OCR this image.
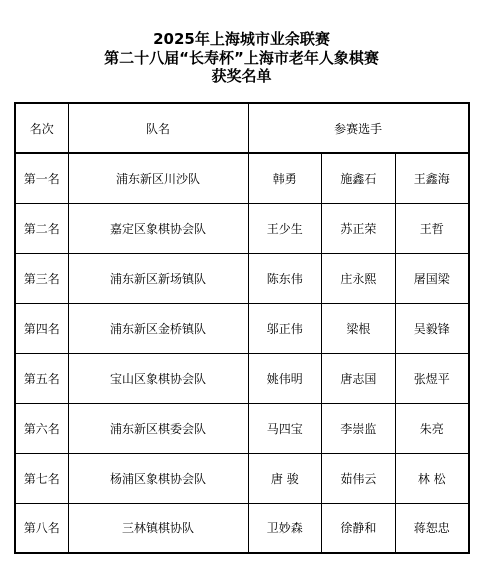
2025年上海城市业余联赛
第二十八届“长寿杯”上海市老年人象棋赛
获奖名单
名次	队名	参赛选手		
第一名	浦东新区川沙队	韩勇	施鑫石	王鑫海
第二名	嘉定区象棋协会队	王少生	苏正荣	王哲
第三名	浦东新区新场镇队	陈东伟	庄永熙	屠国梁
第四名	浦东新区金桥镇队	邬正伟	梁根	吴毅锋
第五名	宝山区象棋协会队	姚伟明	唐志国	张煜平
第六名	浦东新区棋委会队	马四宝	李崇监	朱亮
第七名	杨浦区象棋协会队	唐 骏	茹伟云	林 松
第八名	三林镇棋协队	卫妙森	徐静和	蒋恕忠
